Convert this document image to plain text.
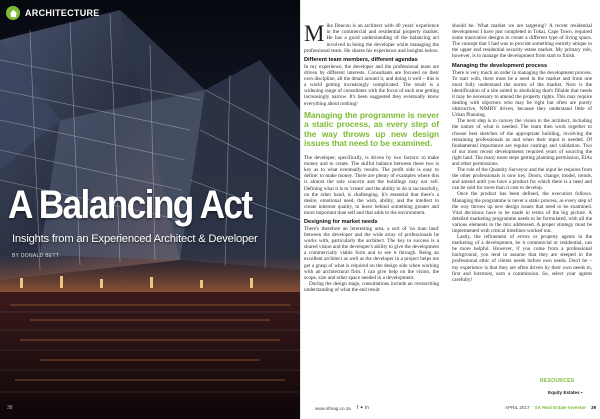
ARCHITECTURE
A Balancing Act
Insights from an Experienced Architect & Developer
BY DONALD BETT
38

Mike Deacon is an architect with 40 years' experience in the commercial and residential property market. He has a good understanding of the balancing act involved in being the developer while managing the professional team. He shares his experience and insights below.

Different team members, different agendas

In my experience, the developer and the professional team are driven by different interests. Consultants are focused on their own discipline, all the detail around it, and doing it well – this is a world getting increasingly complicated. The result is a widening range of consultants with the focus of each one getting increasingly narrow. It's been suggested they eventually know everything about nothing!

Managing the programme is never a static process, as every step of the way throws up new design issues that need to be examined.

The developer, specifically, is driven by two factors: to make money and to create. The skilful balance between these two is key as to what eventually results. The profit side is easy to define: to make money. There are plenty of examples where this is almost the sole concern and the buildings may not sell. Defining what it is to 'create' and the ability to do it successfully, on the other hand, is challenging. It's essential that there's a desire, emotional need, the wish, ability, and the intellect to create inherent quality, to leave behind something greater and more important than self and that adds to the environment.

Designing for market needs

There's therefore an interesting area, a sort of 'no man land' between the developer and the wide array of professionals he works with, particularly the architect. The key to success is a shared vision and the developer's ability to give the development a commercially viable form and to see it through. Being an excellent architect as well as the developer in a project helps me get a grasp of what is required on the design side when working with an architectural firm. I can give help on the vision, the scope, size and other space needed in a development.

During the design stage, consultations include an overarching understanding of what the end result

should be. What market we are targeting? A recent residential development I have just completed in Tokai, Cape Town, required some innovative designs to create a different type of living space. The concept that I had was to provide something entirely unique in the upper end residential security estate market. My primary role, however, is to manage the development from start to finish.

Managing the development process

There is very much an order in managing the development process. To start with, there must be a need in the market and from one must fully understand the norms of the market. Next is the identification of a site suited to abolishing that's fillable that needs it may be necessary to amend the property rights. This may require dealing with objectors who may be right but often are purely obstructive, NIMBY driven, because they understand little of Urban Planning.

The next step is to convey the vision to the architect, including the nature of what is needed. The team then work together to choose best sketches of the appropriate building, involving the remaining professionals as and when their input is needed. Of fundamental importance are regular costings and validation. Two of our most recent developments required years of sourcing the right land. The many more steps getting planning permission, EIAs and other permissions.

The role of the Quantity Surveyor and the input he requires from the other professionals is now key. Doors, change, model, trends, and amend until you have a product for which there is a need and can be sold for more than it cost to develop.

Once the product has been defined, the execution follows. Managing the programme is never a static process, as every step of the way throws up new design issues that need to be examined. Vital decisions have to be made in terms of the big picture. A detailed marketing programme needs to be formulated, with all the various elements in the mix addressed. A proper strategy must be implemented with critical timelines worked out.

Lastly, the refinement of errors or property agents in the marketing of a development, be it commercial or residential, can be more helpful. However, if you come from a professional background, you tend to assume that they are steeped in the professional ethic of clients needs before own needs. Don't be – my experience is that they are often driven by their own needs to, first and foremost, earn a commission. So, select your agents carefully!

RESOURCES
Equity Estates ▪
www.sfmag.co.za f ✦ in	APRIL 2017 SA Real Estate Investor 39
